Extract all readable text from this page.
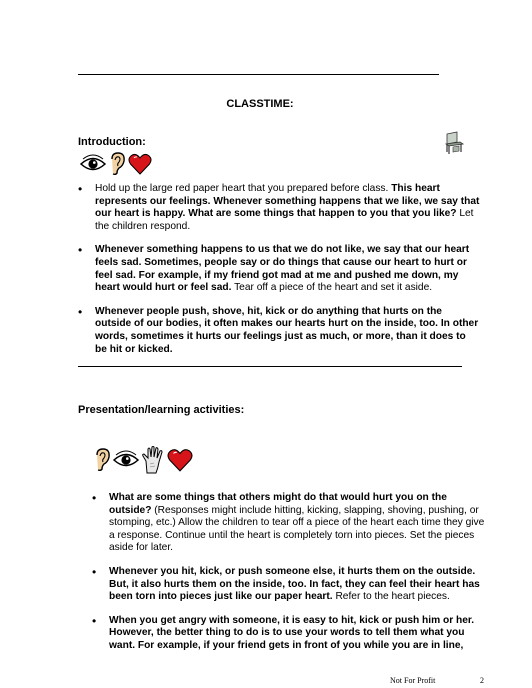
CLASSTIME:
Introduction:
• Hold up the large red paper heart that you prepared before class. This heart represents our feelings. Whenever something happens that we like, we say that our heart is happy. What are some things that happen to you that you like? Let the children respond.
• Whenever something happens to us that we do not like, we say that our heart feels sad. Sometimes, people say or do things that cause our heart to hurt or feel sad. For example, if my friend got mad at me and pushed me down, my heart would hurt or feel sad. Tear off a piece of the heart and set it aside.
• Whenever people push, shove, hit, kick or do anything that hurts on the outside of our bodies, it often makes our hearts hurt on the inside, too. In other words, sometimes it hurts our feelings just as much, or more, than it does to be hit or kicked.
Presentation/learning activities:
• What are some things that others might do that would hurt you on the outside? (Responses might include hitting, kicking, slapping, shoving, pushing, or stomping, etc.) Allow the children to tear off a piece of the heart each time they give a response. Continue until the heart is completely torn into pieces. Set the pieces aside for later.
• Whenever you hit, kick, or push someone else, it hurts them on the outside. But, it also hurts them on the inside, too. In fact, they can feel their heart has been torn into pieces just like our paper heart. Refer to the heart pieces.
• When you get angry with someone, it is easy to hit, kick or push him or her. However, the better thing to do is to use your words to tell them what you want. For example, if your friend gets in front of you while you are in line,
Not For Profit	2
